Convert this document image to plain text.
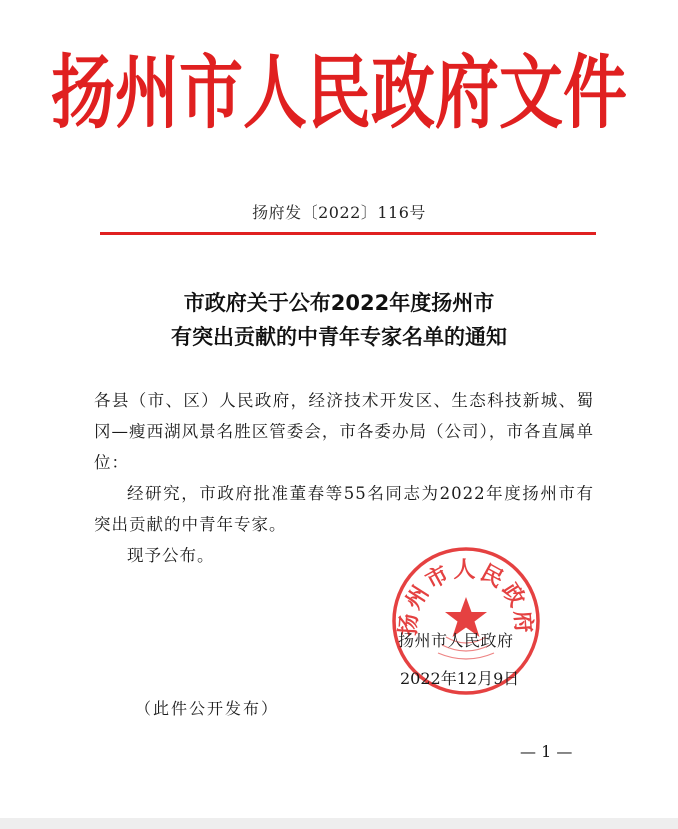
扬州市人民政府文件
扬府发〔2022〕116号
市政府关于公布2022年度扬州市
有突出贡献的中青年专家名单的通知

各县（市、区）人民政府，经济技术开发区、生态科技新城、蜀冈—瘦西湖风景名胜区管委会，市各委办局（公司），市各直属单位：

经研究，市政府批准董春等55名同志为2022年度扬州市有突出贡献的中青年专家。

现予公布。

扬州市人民政府
扬州市人民政府
2022年12月9日
（此件公开发布）
— 1 —
